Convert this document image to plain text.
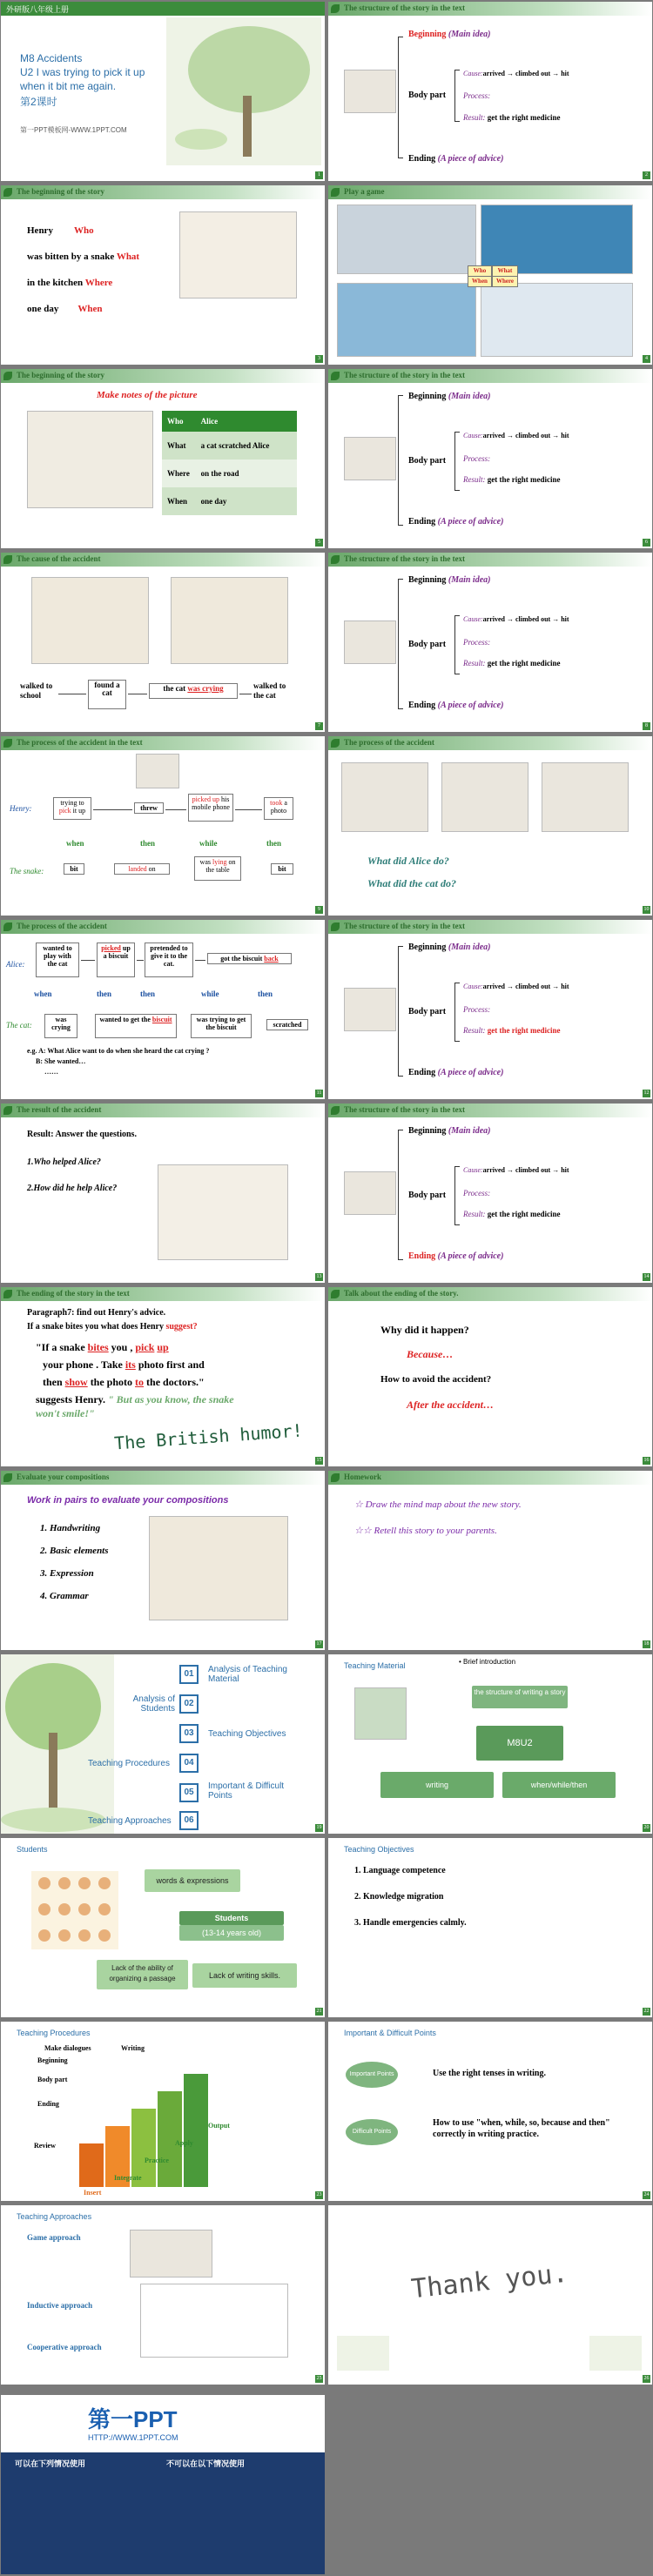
外研版八年级上册
M8 Accidents
U2 I was trying to pick it up
when it bit me again.
第2课时
第一PPT模板网-WWW.1PPT.COM
1
The structure of the story in the text
Beginning (Main idea)
Body part
Cause:arrived → climbed out → hit
Process:
Result: get the right medicine
Ending (A piece of advice)
2
The beginning of the story
Henry Who
was bitten by a snake What
in the kitchen Where
one day When
3
Play a game
Who	What
When	Where
4
The beginning of the story
Make notes of the picture
Who	Alice
What	a cat scratched Alice
Where	on the road
When	one day
5
The structure of the story in the text
Beginning (Main idea)
Body part
Cause:arrived → climbed out → hit
Process:
Result: get the right medicine
Ending (A piece of advice)
6
The cause of the accident
walked to school
found a cat	the cat was crying	walked to the cat
7
The structure of the story in the text
Beginning (Main idea)
Body part
Cause:arrived → climbed out → hit
Process:
Result: get the right medicine
Ending (A piece of advice)
8
The process of the accident in the text
Henry:
trying to pick it up	threw
picked up his mobile phone
took a photo
when	then	while	then
The snake:	bit	landed on
was lying on the table	bit
9
The process of the accident
What did Alice do?
What did the cat do?
10
The process of the accident
Alice:
wanted to play with the cat
picked up a biscuit
pretended to give it to the cat.
got the biscuit back
when	then	then	while	then
The cat:
was crying
wanted to get the biscuit	was trying to get the biscuit	scratched
e.g. A: What Alice want to do when she heard the cat crying ?
B: She wanted…
……
11
The structure of the story in the text
Beginning (Main idea)
Body part
Cause:arrived → climbed out → hit
Process:
Result: get the right medicine
Ending (A piece of advice)
12
The result of the accident
Result: Answer the questions.
1.Who helped Alice?
2.How did he help Alice?
13
The structure of the story in the text
Beginning (Main idea)
Body part
Cause:arrived → climbed out → hit
Process:
Result: get the right medicine
Ending (A piece of advice)
14
The ending of the story in the text
Paragraph7: find out Henry's advice.
If a snake bites you what does Henry suggest?
"If a snake bites you , pick up
your phone . Take its photo first and
then show the photo to the doctors."
suggests Henry. " But as you know, the snake
won't smile!"
The British humor!
15
Talk about the ending of the story.
Why did it happen?
Because…
How to avoid the accident?
After the accident…
16
Evaluate your compositions
Work in pairs to evaluate your compositions
1. Handwriting
2. Basic elements
3. Expression
4. Grammar
17
Homework
☆ Draw the mind map about the new story.
☆☆ Retell this story to your parents.
18
01	Analysis of Teaching Material
02
Analysis of Students
03	Teaching Objectives
04
Teaching Procedures
05
Important & Difficult Points
06
Teaching Approaches
19
Teaching Material	• Brief introduction
the structure of writing a story
M8U2
writing	when/while/then
20
Students
words & expressions
Students
(13-14 years old)
Lack of the ability of organizing a passage	Lack of writing skills.
21
Teaching Objectives
1. Language competence
2. Knowledge migration
3. Handle emergencies calmly.
22
Teaching Procedures
Make dialogues
Beginning
Body part
Ending
Review
Writing
Insert
Integrate
Practice
Apply
Output
23
Important & Difficult Points
Important Points	Use the right tenses in writing.
Difficult Points
How to use "when, while, so, because and then" correctly in writing practice.
24
Teaching Approaches
Game approach
Inductive approach
Cooperative approach
25
Thank you.
26
第一PPT
HTTP://WWW.1PPT.COM
可以在下列情况使用	不可以在以下情况使用
